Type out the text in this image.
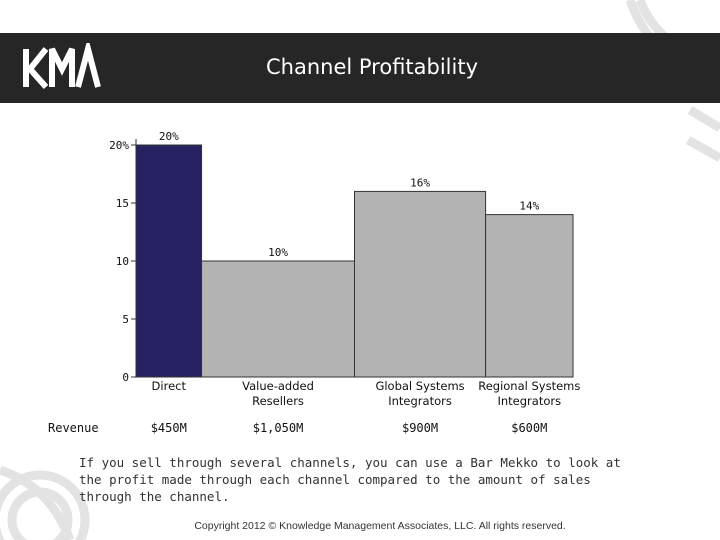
Channel Profitability
0
5
10
15
20%
20%
10%
16%
14%
Direct	Value-added Resellers
Global Systems Integrators
Regional Systems Integrators
Revenue	$450M	$1,050M	$900M	$600M
If you sell through several channels, you can use a Bar Mekko to look at the profit made through each channel compared to the amount of sales through the channel.
Copyright 2012 © Knowledge Management Associates, LLC. All rights reserved.
